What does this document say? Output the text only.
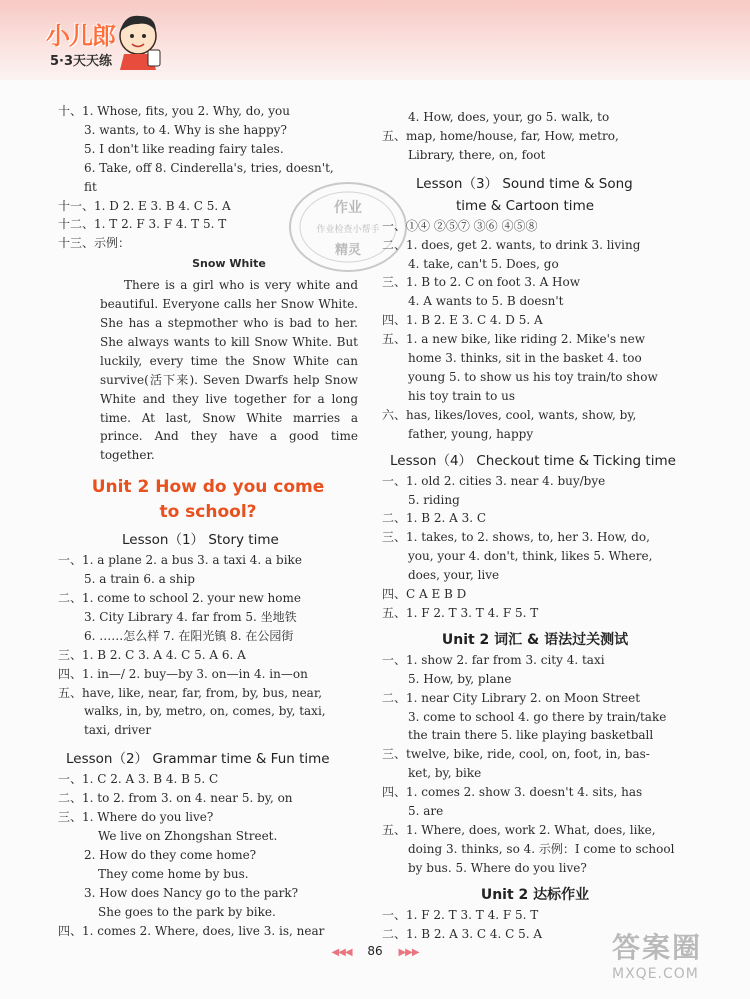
小儿郎
5·3天天练
作业
作业检查小帮手
精灵
十、1. Whose, fits, you 2. Why, do, you
3. wants, to 4. Why is she happy?
5. I don't like reading fairy tales.
6. Take, off 8. Cinderella's, tries, doesn't,
fit
十一、1. D 2. E 3. B 4. C 5. A
十二、1. T 2. F 3. F 4. T 5. T
十三、示例：
Snow White

There is a girl who is very white and beautiful. Everyone calls her Snow White. She has a stepmother who is bad to her. She always wants to kill Snow White. But luckily, every time the Snow White can survive(活下来). Seven Dwarfs help Snow White and they live together for a long time. At last, Snow White marries a prince. And they have a good time together.

Unit 2 How do you come
to school?
Lesson（1） Story time
一、1. a plane 2. a bus 3. a taxi 4. a bike
5. a train 6. a ship
二、1. come to school 2. your new home
3. City Library 4. far from 5. 坐地铁
6. ……怎么样 7. 在阳光镇 8. 在公园街
三、1. B 2. C 3. A 4. C 5. A 6. A
四、1. in—/ 2. buy—by 3. on—in 4. in—on
五、have, like, near, far, from, by, bus, near,
walks, in, by, metro, on, comes, by, taxi,
taxi, driver
Lesson（2） Grammar time & Fun time
一、1. C 2. A 3. B 4. B 5. C
二、1. to 2. from 3. on 4. near 5. by, on
三、1. Where do you live?
We live on Zhongshan Street.
2. How do they come home?
They come home by bus.
3. How does Nancy go to the park?
She goes to the park by bike.
四、1. comes 2. Where, does, live 3. is, near
4. How, does, your, go 5. walk, to
五、map, home/house, far, How, metro,
Library, there, on, foot
Lesson（3） Sound time & Song
time & Cartoon time
一、①④ ②⑤⑦ ③⑥ ④⑤⑧
二、1. does, get 2. wants, to drink 3. living
4. take, can't 5. Does, go
三、1. B to 2. C on foot 3. A How
4. A wants to 5. B doesn't
四、1. B 2. E 3. C 4. D 5. A
五、1. a new bike, like riding 2. Mike's new
home 3. thinks, sit in the basket 4. too
young 5. to show us his toy train/to show
his toy train to us
六、has, likes/loves, cool, wants, show, by,
father, young, happy
Lesson（4） Checkout time & Ticking time
一、1. old 2. cities 3. near 4. buy/bye
5. riding
二、1. B 2. A 3. C
三、1. takes, to 2. shows, to, her 3. How, do,
you, your 4. don't, think, likes 5. Where,
does, your, live
四、C A E B D
五、1. F 2. T 3. T 4. F 5. T
Unit 2 词汇 & 语法过关测试
一、1. show 2. far from 3. city 4. taxi
5. How, by, plane
二、1. near City Library 2. on Moon Street
3. come to school 4. go there by train/take
the train there 5. like playing basketball
三、twelve, bike, ride, cool, on, foot, in, bas-
ket, by, bike
四、1. comes 2. show 3. doesn't 4. sits, has
5. are
五、1. Where, does, work 2. What, does, like,
doing 3. thinks, so 4. 示例：I come to school
by bus. 5. Where do you live?
Unit 2 达标作业
一、1. F 2. T 3. T 4. F 5. T
二、1. B 2. A 3. C 4. C 5. A
◀◀◀ 86 ▶▶▶	答案圈
MXQE.COM
